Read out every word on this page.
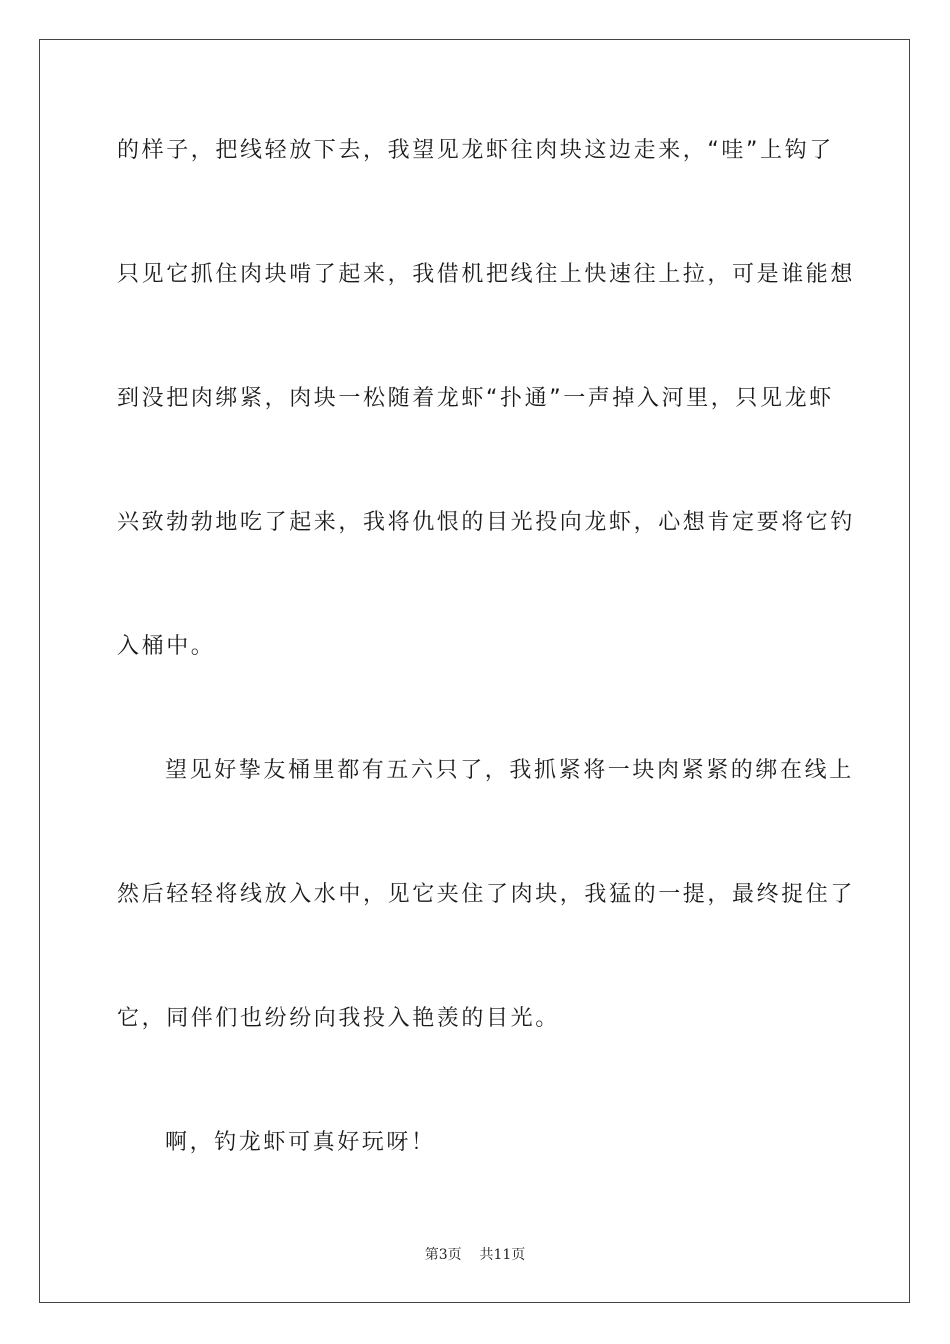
的样子，把线轻放下去，我望见龙虾往肉块这边走来，“哇”上钩了
只见它抓住肉块啃了起来，我借机把线往上快速往上拉，可是谁能想
到没把肉绑紧，肉块一松随着龙虾“扑通”一声掉入河里，只见龙虾
兴致勃勃地吃了起来，我将仇恨的目光投向龙虾，心想肯定要将它钓
入桶中。
望见好挚友桶里都有五六只了，我抓紧将一块肉紧紧的绑在线上
然后轻轻将线放入水中，见它夹住了肉块，我猛的一提，最终捉住了
它，同伴们也纷纷向我投入艳羡的目光。
啊，钓龙虾可真好玩呀！
第3页 共11页
